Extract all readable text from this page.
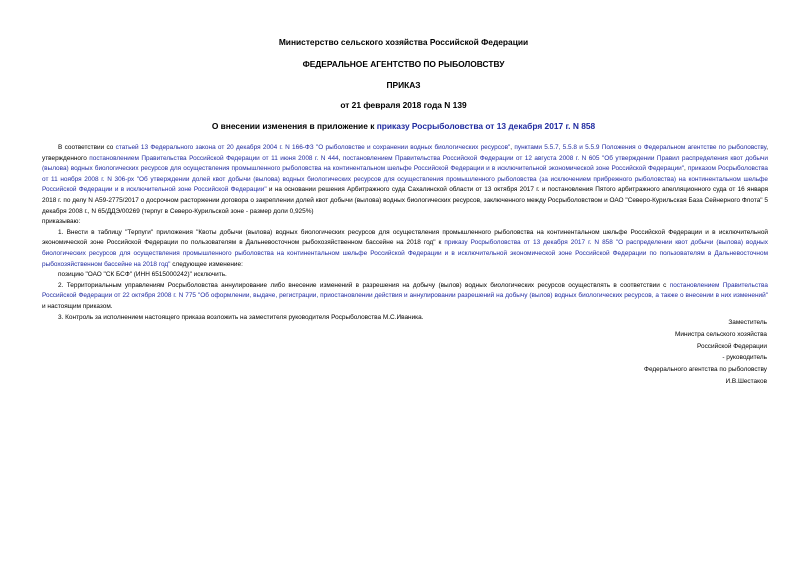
Министерство сельского хозяйства Российской Федерации
ФЕДЕРАЛЬНОЕ АГЕНТСТВО ПО РЫБОЛОВСТВУ
ПРИКАЗ
от 21 февраля 2018 года N 139
О внесении изменения в приложение к приказу Росрыболовства от 13 декабря 2017 г. N 858

В соответствии со статьей 13 Федерального закона от 20 декабря 2004 г. N 166-ФЗ "О рыболовстве и сохранении водных биологических ресурсов", пунктами 5.5.7, 5.5.8 и 5.5.9 Положения о Федеральном агентстве по рыболовству, утвержденного постановлением Правительства Российской Федерации от 11 июня 2008 г. N 444, постановлением Правительства Российской Федерации от 12 августа 2008 г. N 605 "Об утверждении Правил распределения квот добычи (вылова) водных биологических ресурсов для осуществления промышленного рыболовства на континентальном шельфе Российской Федерации и в исключительной экономической зоне Российской Федерации", приказом Росрыболовства от 11 ноября 2008 г. N 306-рх "Об утверждении долей квот добычи (вылова) водных биологических ресурсов для осуществления промышленного рыболовства (за исключением прибрежного рыболовства) на континентальном шельфе Российской Федерации и в исключительной зоне Российской Федерации" и на основании решения Арбитражного суда Сахалинской области от 13 октября 2017 г. и постановления Пятого арбитражного апелляционного суда от 16 января 2018 г. по делу N А59-2775/2017 о досрочном расторжении договора о закреплении долей квот добычи (вылова) водных биологических ресурсов, заключенного между Росрыболовством и ОАО "Северо-Курильская База Сейнерного Флота" 5 декабря 2008 г., N 65/ДДЭ/00269 (терпуг в Северо-Курильской зоне - размер доли 0,925%)

приказываю:

1. Внести в таблицу "Терпуги" приложения "Квоты добычи (вылова) водных биологических ресурсов для осуществления промышленного рыболовства на континентальном шельфе Российской Федерации и в исключительной экономической зоне Российской Федерации по пользователям в Дальневосточном рыбохозяйственном бассейне на 2018 год" к приказу Росрыболовства от 13 декабря 2017 г. N 858 "О распределении квот добычи (вылова) водных биологических ресурсов для осуществления промышленного рыболовства на континентальном шельфе Российской Федерации и в исключительной экономической зоне Российской Федерации по пользователям в Дальневосточном рыбохозяйственном бассейне на 2018 год" следующее изменение:

позицию "ОАО "СК БСФ" (ИНН 6515000242)" исключить.

2. Территориальным управлениям Росрыболовства аннулирование либо внесение изменений в разрешения на добычу (вылов) водных биологических ресурсов осуществлять в соответствии с постановлением Правительства Российской Федерации от 22 октября 2008 г. N 775 "Об оформлении, выдаче, регистрации, приостановлении действия и аннулировании разрешений на добычу (вылов) водных биологических ресурсов, а также о внесении в них изменений" и настоящим приказом.

3. Контроль за исполнением настоящего приказа возложить на заместителя руководителя Росрыболовства М.С.Иваника.

Заместитель
Министра сельского хозяйства
Российской Федерации
- руководитель
Федерального агентства по рыболовству
И.В.Шестаков
